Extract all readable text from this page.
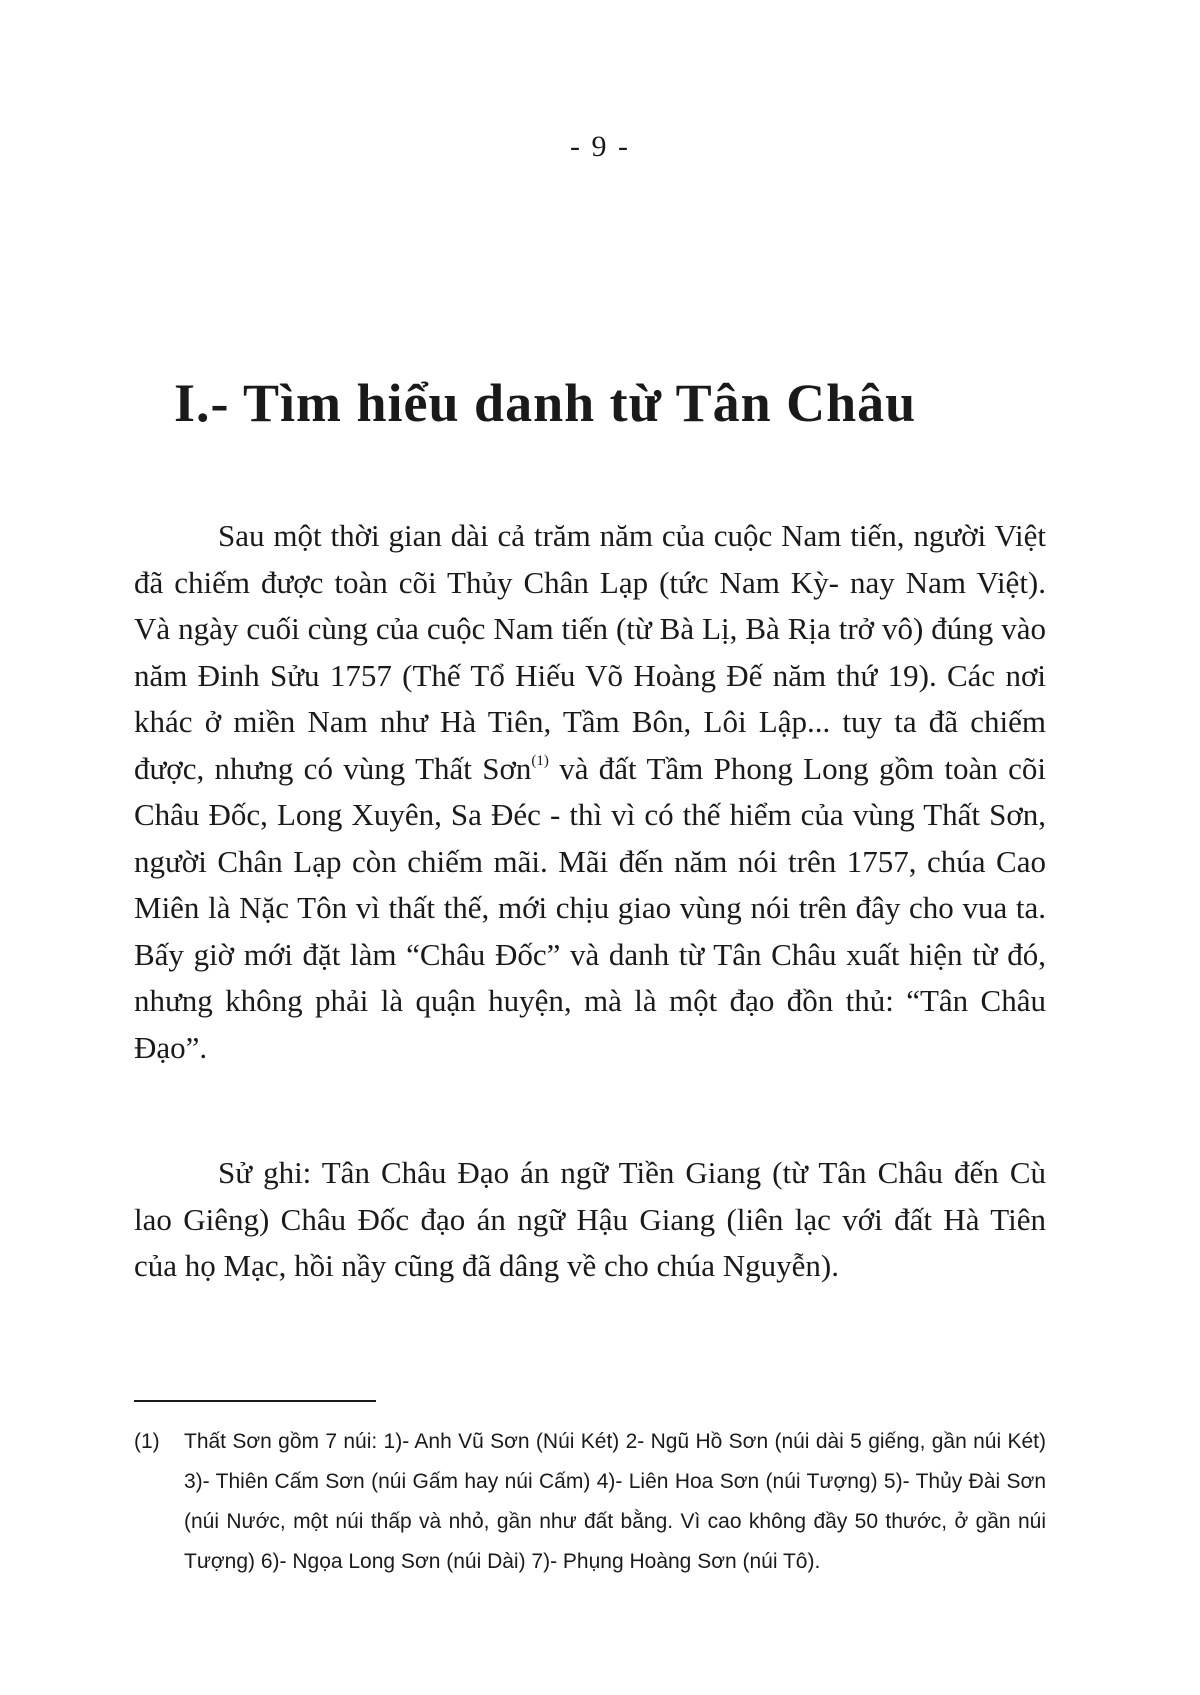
- 9 -
I.- Tìm hiểu danh từ Tân Châu

Sau một thời gian dài cả trăm năm của cuộc Nam tiến, người Việt đã chiếm được toàn cõi Thủy Chân Lạp (tức Nam Kỳ- nay Nam Việt). Và ngày cuối cùng của cuộc Nam tiến (từ Bà Lị, Bà Rịa trở vô) đúng vào năm Đinh Sửu 1757 (Thế Tổ Hiếu Võ Hoàng Đế năm thứ 19). Các nơi khác ở miền Nam như Hà Tiên, Tầm Bôn, Lôi Lập... tuy ta đã chiếm được, nhưng có vùng Thất Sơn$^{(1)}$ và đất Tầm Phong Long gồm toàn cõi Châu Đốc, Long Xuyên, Sa Đéc - thì vì có thế hiểm của vùng Thất Sơn, người Chân Lạp còn chiếm mãi. Mãi đến năm nói trên 1757, chúa Cao Miên là Nặc Tôn vì thất thế, mới chịu giao vùng nói trên đây cho vua ta. Bấy giờ mới đặt làm “Châu Đốc” và danh từ Tân Châu xuất hiện từ đó, nhưng không phải là quận huyện, mà là một đạo đồn thủ: “Tân Châu Đạo”.

Sử ghi: Tân Châu Đạo án ngữ Tiền Giang (từ Tân Châu đến Cù lao Giêng) Châu Đốc đạo án ngữ Hậu Giang (liên lạc với đất Hà Tiên của họ Mạc, hồi nầy cũng đã dâng về cho chúa Nguyễn).

(1) Thất Sơn gồm 7 núi: 1)- Anh Vũ Sơn (Núi Két) 2- Ngũ Hồ Sơn (núi dài 5 giếng, gần núi Két) 3)- Thiên Cấm Sơn (núi Gấm hay núi Cấm) 4)- Liên Hoa Sơn (núi Tượng) 5)- Thủy Đài Sơn (núi Nước, một núi thấp và nhỏ, gần như đất bằng. Vì cao không đầy 50 thước, ở gần núi Tượng) 6)- Ngọa Long Sơn (núi Dài) 7)- Phụng Hoàng Sơn (núi Tô).
